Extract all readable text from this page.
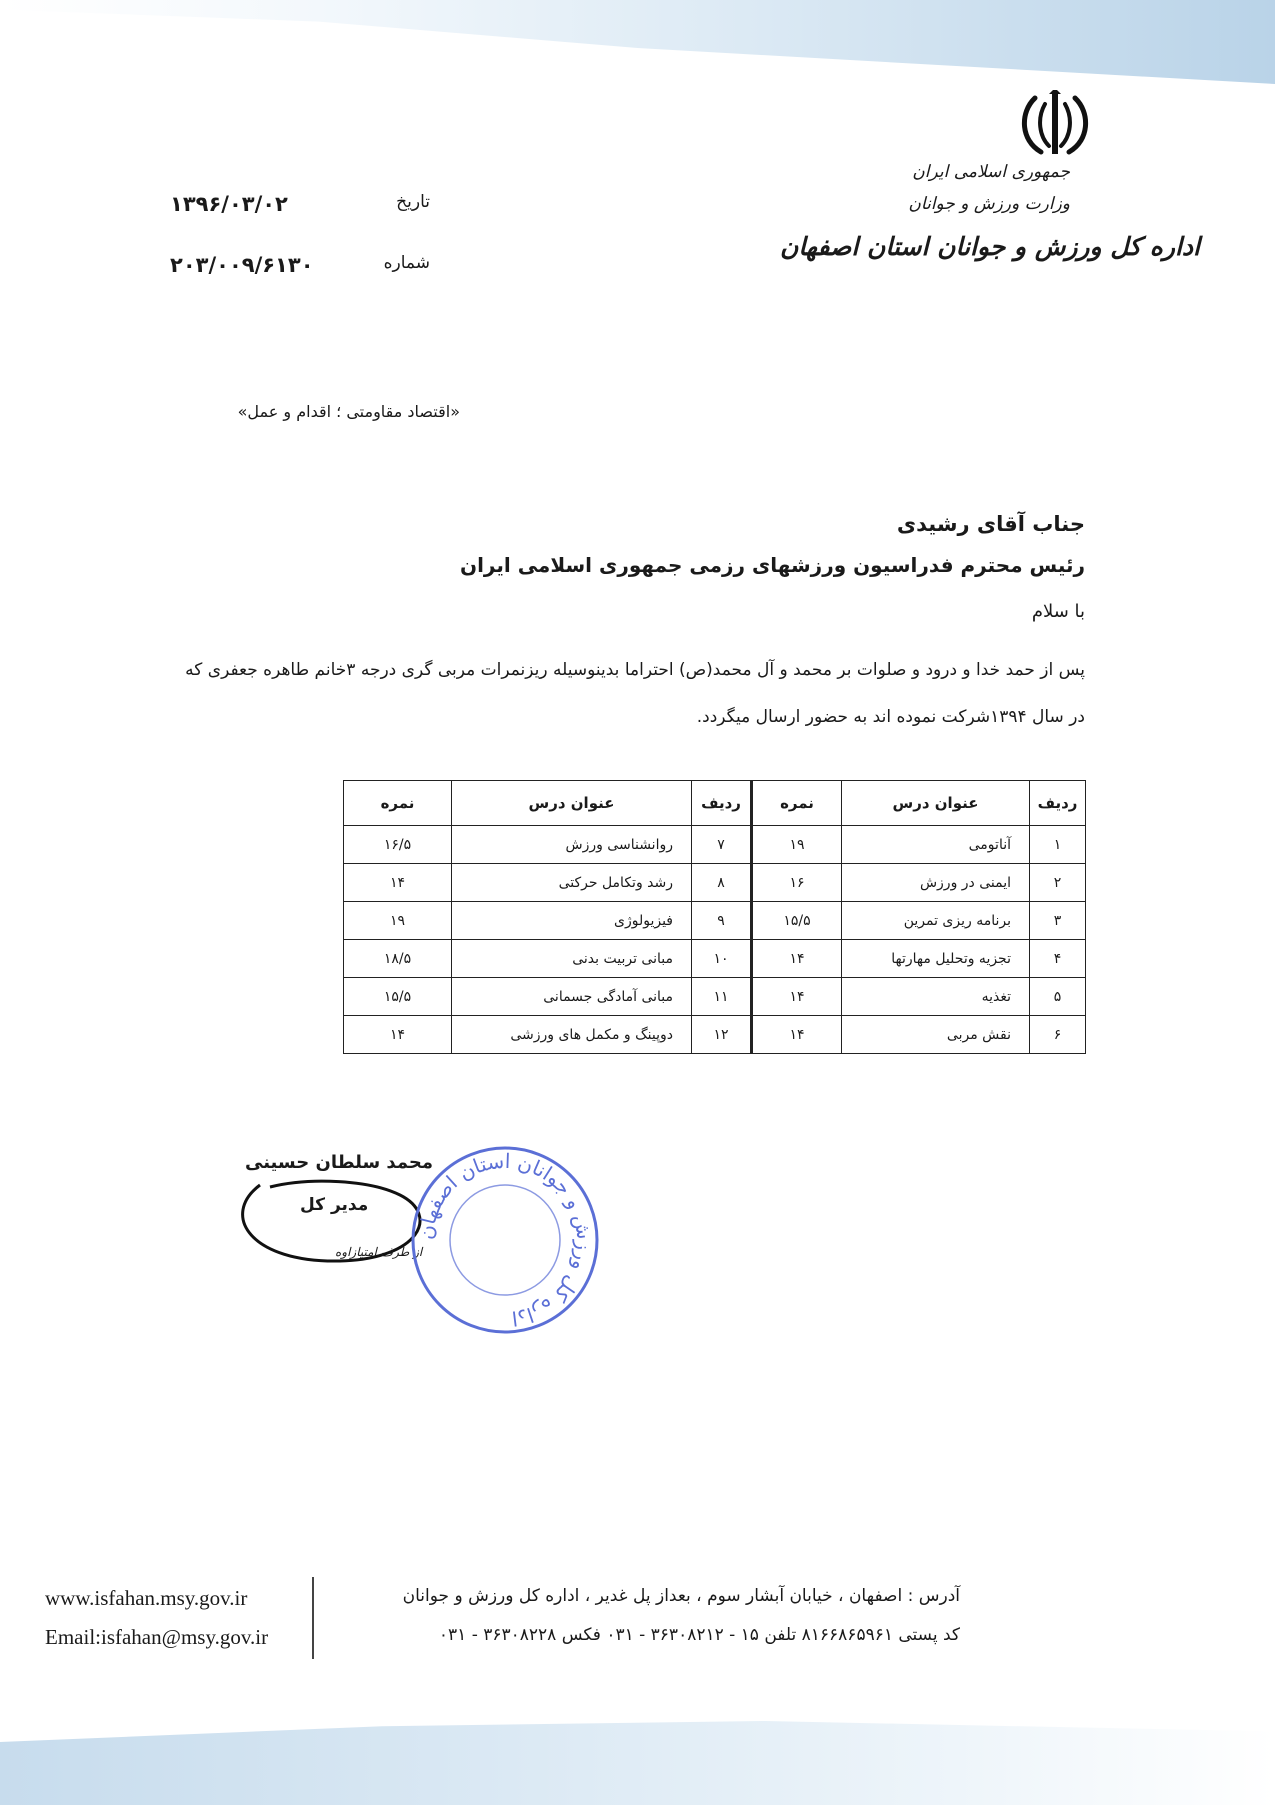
جمهوری اسلامی ایران
وزارت ورزش و جوانان
اداره کل ورزش و جوانان استان اصفهان
تاریخ
۱۳۹۶/۰۳/۰۲
شماره
۲۰۳/۰۰۹/۶۱۳۰
«اقتصاد مقاومتی ؛ اقدام و عمل»
جناب آقای رشیدی
رئیس محترم فدراسیون ورزشهای رزمی جمهوری اسلامی ایران
با سلام
پس از حمد خدا و درود و صلوات بر محمد و آل محمد(ص) احتراما بدینوسیله ریزنمرات مربی گری درجه ۳خانم طاهره جعفری که
در سال ۱۳۹۴شرکت نموده اند به حضور ارسال میگردد.
ردیف	عنوان درس	نمره	ردیف	عنوان درس	نمره
۱	آناتومی	۱۹	۷	روانشناسی ورزش	۱۶/۵
۲	ایمنی در ورزش	۱۶	۸	رشد وتکامل حرکتی	۱۴
۳	برنامه ریزی تمرین	۱۵/۵	۹	فیزیولوژی	۱۹
۴	تجزیه وتحلیل مهارتها	۱۴	۱۰	مبانی تربیت بدنی	۱۸/۵
۵	تغذیه	۱۴	۱۱	مبانی آمادگی جسمانی	۱۵/۵
۶	نقش مربی	۱۴	۱۲	دوپینگ و مکمل های ورزشی	۱۴
محمد سلطان حسینی
مدیر کل
از طرف امتیازاوه
اداره کل ورزش و جوانان استان اصفهان
www.isfahan.msy.gov.ir
Email:isfahan@msy.gov.ir
آدرس : اصفهان ، خیابان آبشار سوم ، بعداز پل غدیر ، اداره کل ورزش و جوانان
کد پستی ۸۱۶۶۸۶۵۹۶۱ تلفن ۱۵ - ۳۶۳۰۸۲۱۲ - ۰۳۱ فکس ۳۶۳۰۸۲۲۸ - ۰۳۱
